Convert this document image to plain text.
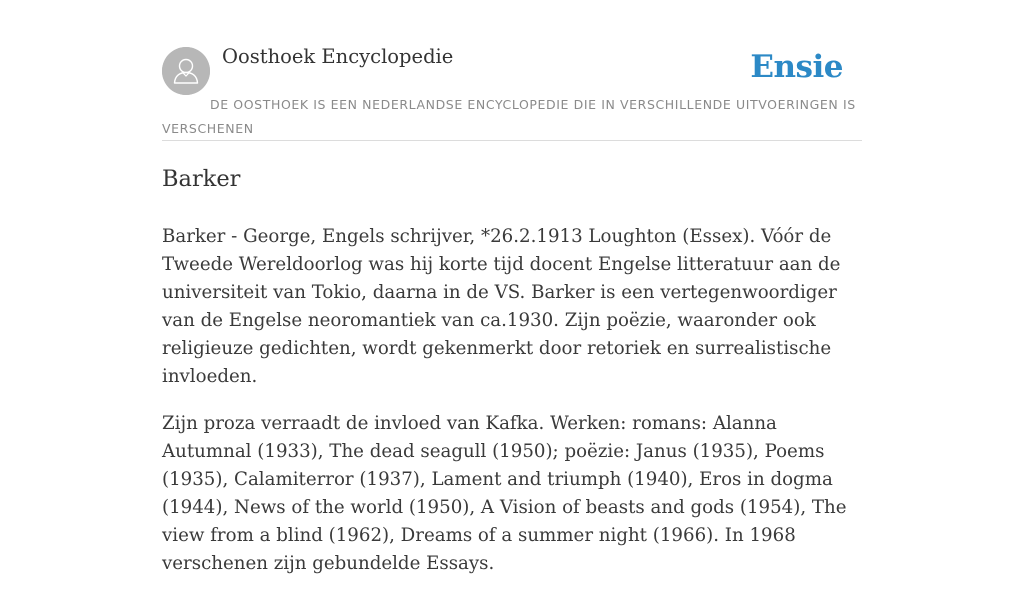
Oosthoek Encyclopedie	Ensie

DE OOSTHOEK IS EEN NEDERLANDSE ENCYCLOPEDIE DIE IN VERSCHILLENDE UITVOERINGEN IS VERSCHENEN

Barker

Barker - George, Engels schrijver, *26.2.1913 Loughton (Essex). Vóór de Tweede Wereldoorlog was hij korte tijd docent Engelse litteratuur aan de universiteit van Tokio, daarna in de VS. Barker is een vertegenwoordiger van de Engelse neoromantiek van ca.1930. Zijn poëzie, waaronder ook religieuze gedichten, wordt gekenmerkt door retoriek en surrealistische invloeden.

Zijn proza verraadt de invloed van Kafka. Werken: romans: Alanna Autumnal (1933), The dead seagull (1950); poëzie: Janus (1935), Poems (1935), Calamiterror (1937), Lament and triumph (1940), Eros in dogma (1944), News of the world (1950), A Vision of beasts and gods (1954), The view from a blind (1962), Dreams of a summer night (1966). In 1968 verschenen zijn gebundelde Essays.
